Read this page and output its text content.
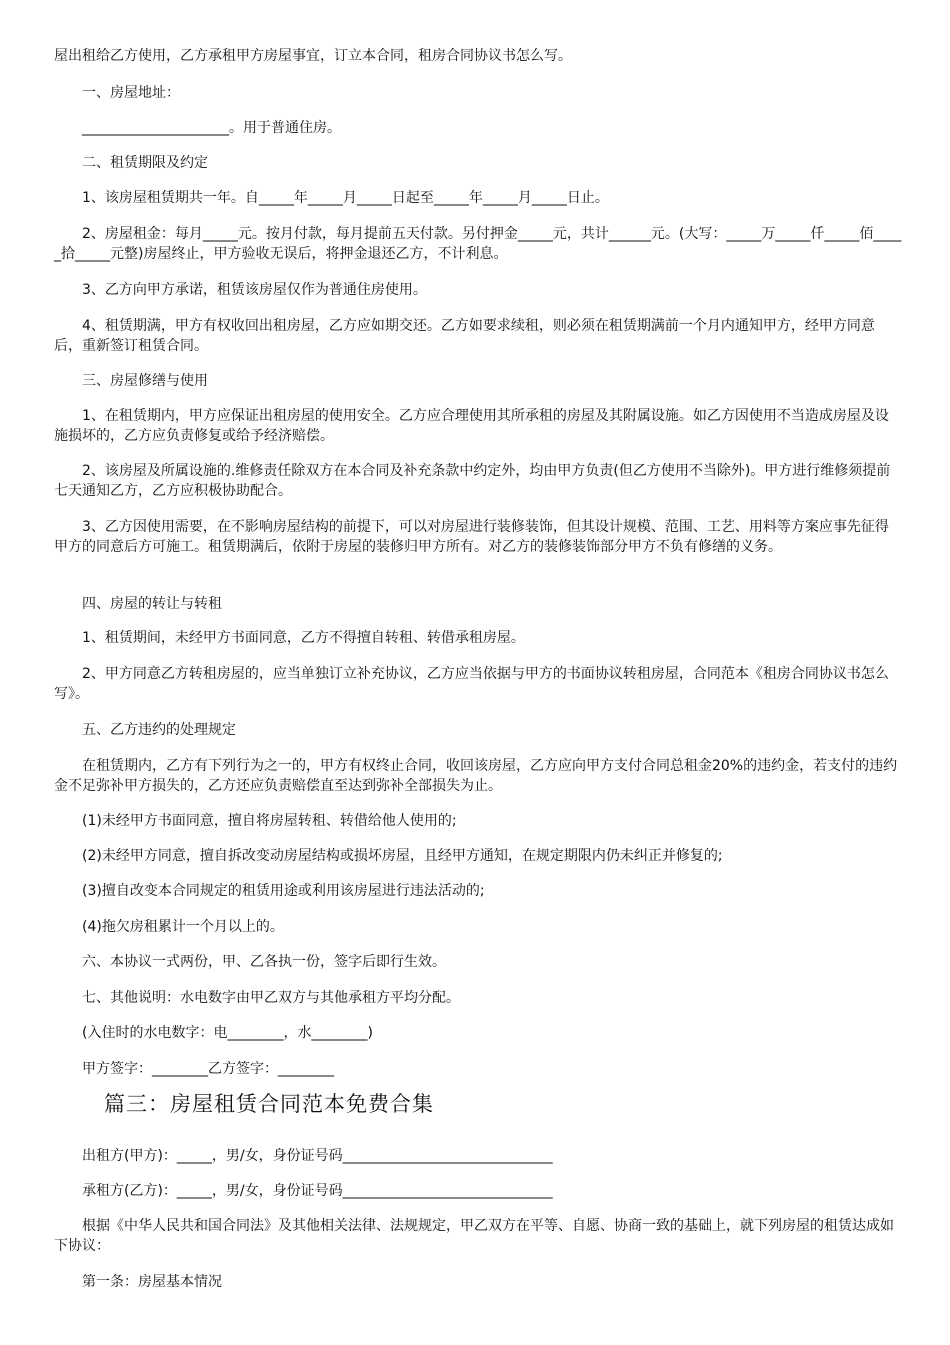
屋出租给乙方使用，乙方承租甲方房屋事宜，订立本合同，租房合同协议书怎么写。

　　一、房屋地址：

　　_____________________。用于普通住房。

　　二、租赁期限及约定

　　1、该房屋租赁期共一年。自_____年_____月_____日起至_____年_____月_____日止。

　　2、房屋租金：每月_____元。按月付款，每月提前五天付款。另付押金_____元，共计______元。(大写：_____万_____仟_____佰_____拾_____元整)房屋终止，甲方验收无误后，将押金退还乙方，不计利息。

　　3、乙方向甲方承诺，租赁该房屋仅作为普通住房使用。

　　4、租赁期满，甲方有权收回出租房屋，乙方应如期交还。乙方如要求续租，则必须在租赁期满前一个月内通知甲方，经甲方同意后，重新签订租赁合同。

　　三、房屋修缮与使用

　　1、在租赁期内，甲方应保证出租房屋的使用安全。乙方应合理使用其所承租的房屋及其附属设施。如乙方因使用不当造成房屋及设施损坏的，乙方应负责修复或给予经济赔偿。

　　2、该房屋及所属设施的.维修责任除双方在本合同及补充条款中约定外，均由甲方负责(但乙方使用不当除外)。甲方进行维修须提前七天通知乙方，乙方应积极协助配合。

　　3、乙方因使用需要，在不影响房屋结构的前提下，可以对房屋进行装修装饰，但其设计规模、范围、工艺、用料等方案应事先征得甲方的同意后方可施工。租赁期满后，依附于房屋的装修归甲方所有。对乙方的装修装饰部分甲方不负有修缮的义务。

　　四、房屋的转让与转租

　　1、租赁期间，未经甲方书面同意，乙方不得擅自转租、转借承租房屋。

　　2、甲方同意乙方转租房屋的，应当单独订立补充协议，乙方应当依据与甲方的书面协议转租房屋，合同范本《租房合同协议书怎么写》。

　　五、乙方违约的处理规定

　　在租赁期内，乙方有下列行为之一的，甲方有权终止合同，收回该房屋，乙方应向甲方支付合同总租金20%的违约金，若支付的违约金不足弥补甲方损失的，乙方还应负责赔偿直至达到弥补全部损失为止。

　　(1)未经甲方书面同意，擅自将房屋转租、转借给他人使用的;

　　(2)未经甲方同意，擅自拆改变动房屋结构或损坏房屋，且经甲方通知，在规定期限内仍未纠正并修复的;

　　(3)擅自改变本合同规定的租赁用途或利用该房屋进行违法活动的;

　　(4)拖欠房租累计一个月以上的。

　　六、本协议一式两份，甲、乙各执一份，签字后即行生效。

　　七、其他说明：水电数字由甲乙双方与其他承租方平均分配。

　　(入住时的水电数字：电________，水________)

　　甲方签字：________乙方签字：________

篇三：房屋租赁合同范本免费合集

　　出租方(甲方)：_____，男/女，身份证号码______________________________

　　承租方(乙方)：_____，男/女，身份证号码______________________________

　　根据《中华人民共和国合同法》及其他相关法律、法规规定，甲乙双方在平等、自愿、协商一致的基础上，就下列房屋的租赁达成如下协议：

　　第一条：房屋基本情况
